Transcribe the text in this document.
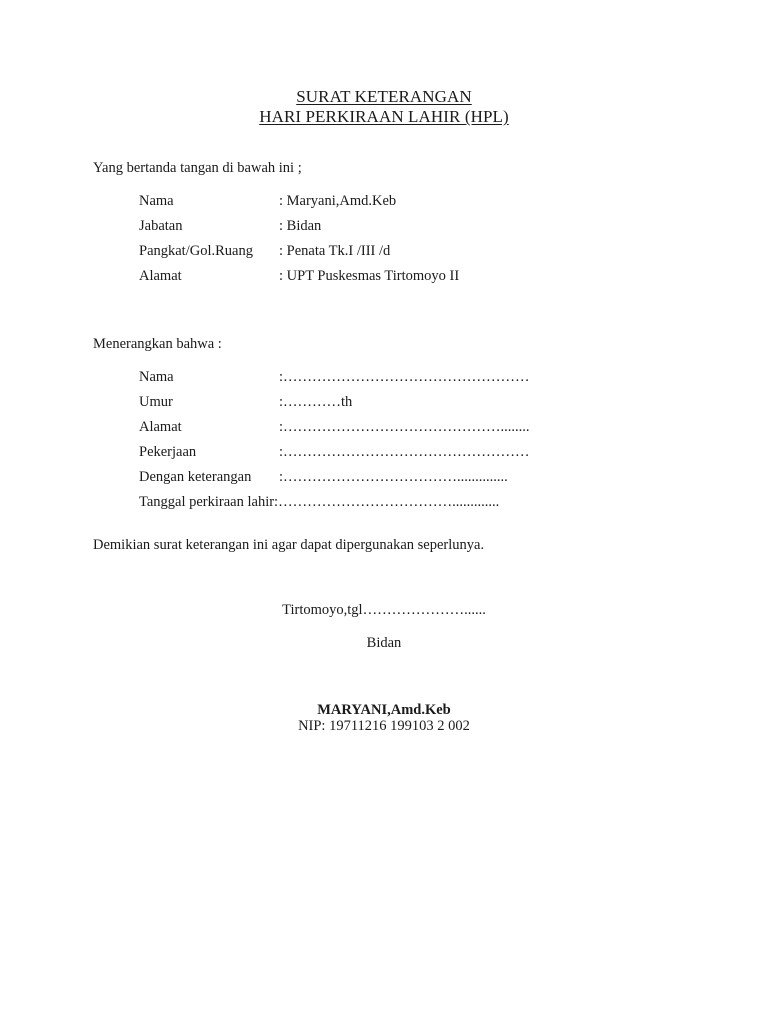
SURAT KETERANGAN
HARI PERKIRAAN LAHIR (HPL)
Yang bertanda tangan di bawah ini ;
Nama	: Maryani,Amd.Keb
Jabatan	: Bidan
Pangkat/Gol.Ruang : Penata Tk.I /III /d
Alamat	: UPT Puskesmas Tirtomoyo II
Menerangkan bahwa :
Nama	:……………………………………………
Umur	:…………th
Alamat	:………………………………………........
Pekerjaan	:……………………………………………
Dengan keterangan :………………………………..............
Tanggal perkiraan lahir:……………………………….............
Demikian surat keterangan ini agar dapat dipergunakan seperlunya.
Tirtomoyo,tgl…………………......
Bidan
MARYANI,Amd.Keb
NIP: 19711216 199103 2 002
